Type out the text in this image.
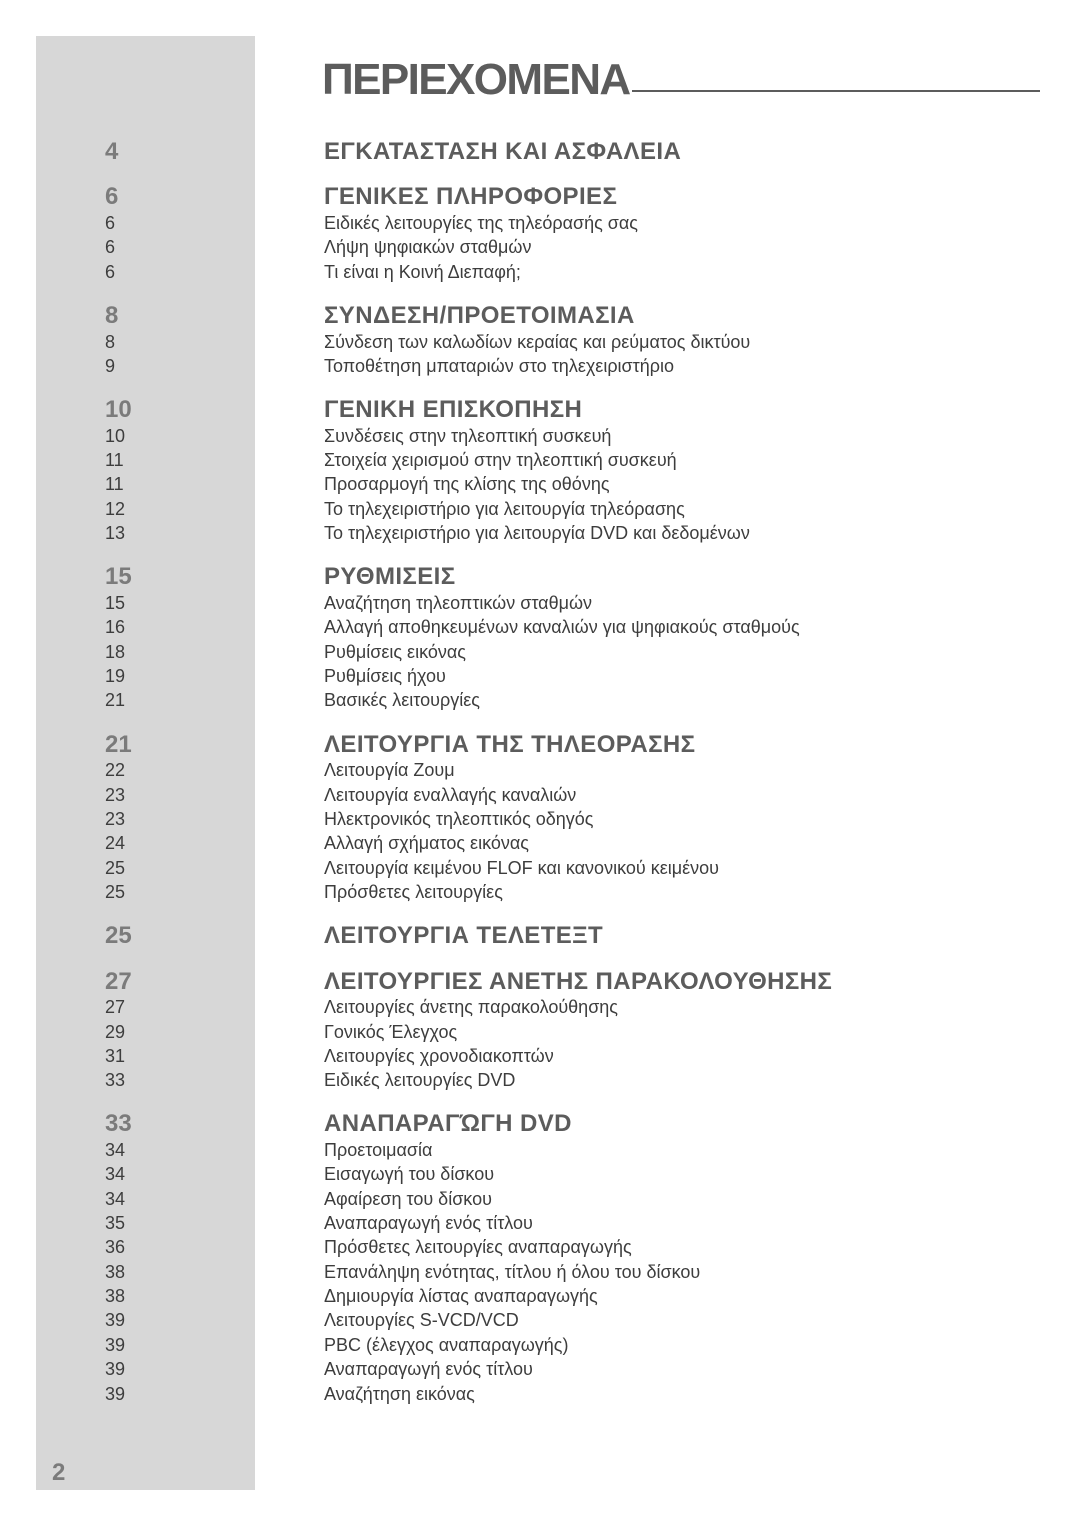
ΠΕΡΙΕΧΟΜΕΝΑ
4	ΕΓΚΑΤΑΣΤΑΣΗ ΚΑΙ ΑΣΦΑΛΕΙΑ
6	ΓΕΝΙΚΕΣ ΠΛΗΡΟΦΟΡΙΕΣ
6	Ειδικές λειτουργίες της τηλεόρασής σας
6	Λήψη ψηφιακών σταθμών
6	Τι είναι η Κοινή Διεπαφή;
8	ΣΥΝΔΕΣΗ/ΠΡΟΕΤΟΙΜΑΣΙΑ
8	Σύνδεση των καλωδίων κεραίας και ρεύματος δικτύου
9	Τοποθέτηση μπαταριών στο τηλεχειριστήριο
10	ΓΕΝΙΚΗ ΕΠΙΣΚΟΠΗΣΗ
10	Συνδέσεις στην τηλεοπτική συσκευή
11	Στοιχεία χειρισμού στην τηλεοπτική συσκευή
11	Προσαρμογή της κλίσης της οθόνης
12	Το τηλεχειριστήριο για λειτουργία τηλεόρασης
13	Το τηλεχειριστήριο για λειτουργία DVD και δεδομένων
15	ΡΥΘΜΙΣΕΙΣ
15	Αναζήτηση τηλεοπτικών σταθμών
16	Αλλαγή αποθηκευμένων καναλιών για ψηφιακούς σταθμούς
18	Ρυθμίσεις εικόνας
19	Ρυθμίσεις ήχου
21	Βασικές λειτουργίες
21	ΛΕΙΤΟΥΡΓΙΑ ΤΗΣ ΤΗΛΕΟΡΑΣΗΣ
22	Λειτουργία Ζουμ
23	Λειτουργία εναλλαγής καναλιών
23	Ηλεκτρονικός τηλεοπτικός οδηγός
24	Αλλαγή σχήματος εικόνας
25	Λειτουργία κειμένου FLOF και κανονικού κειμένου
25	Πρόσθετες λειτουργίες
25	ΛΕΙΤΟΥΡΓΙΑ ΤΕΛΕΤΕΞΤ
27	ΛΕΙΤΟΥΡΓΙΕΣ ΑΝΕΤΗΣ ΠΑΡΑΚΟΛΟΥΘΗΣΗΣ
27	Λειτουργίες άνετης παρακολούθησης
29	Γονικός Έλεγχος
31	Λειτουργίες χρονοδιακοπτών
33	Ειδικές λειτουργίες DVD
33	ΑΝΑΠΑΡΑΓΏΓΗ DVD
34	Προετοιμασία
34	Εισαγωγή του δίσκου
34	Αφαίρεση του δίσκου
35	Αναπαραγωγή ενός τίτλου
36	Πρόσθετες λειτουργίες αναπαραγωγής
38	Επανάληψη ενότητας, τίτλου ή όλου του δίσκου
38	Δημιουργία λίστας αναπαραγωγής
39	Λειτουργίες S-VCD/VCD
39	PBC (έλεγχος αναπαραγωγής)
39	Αναπαραγωγή ενός τίτλου
39	Αναζήτηση εικόνας
2
